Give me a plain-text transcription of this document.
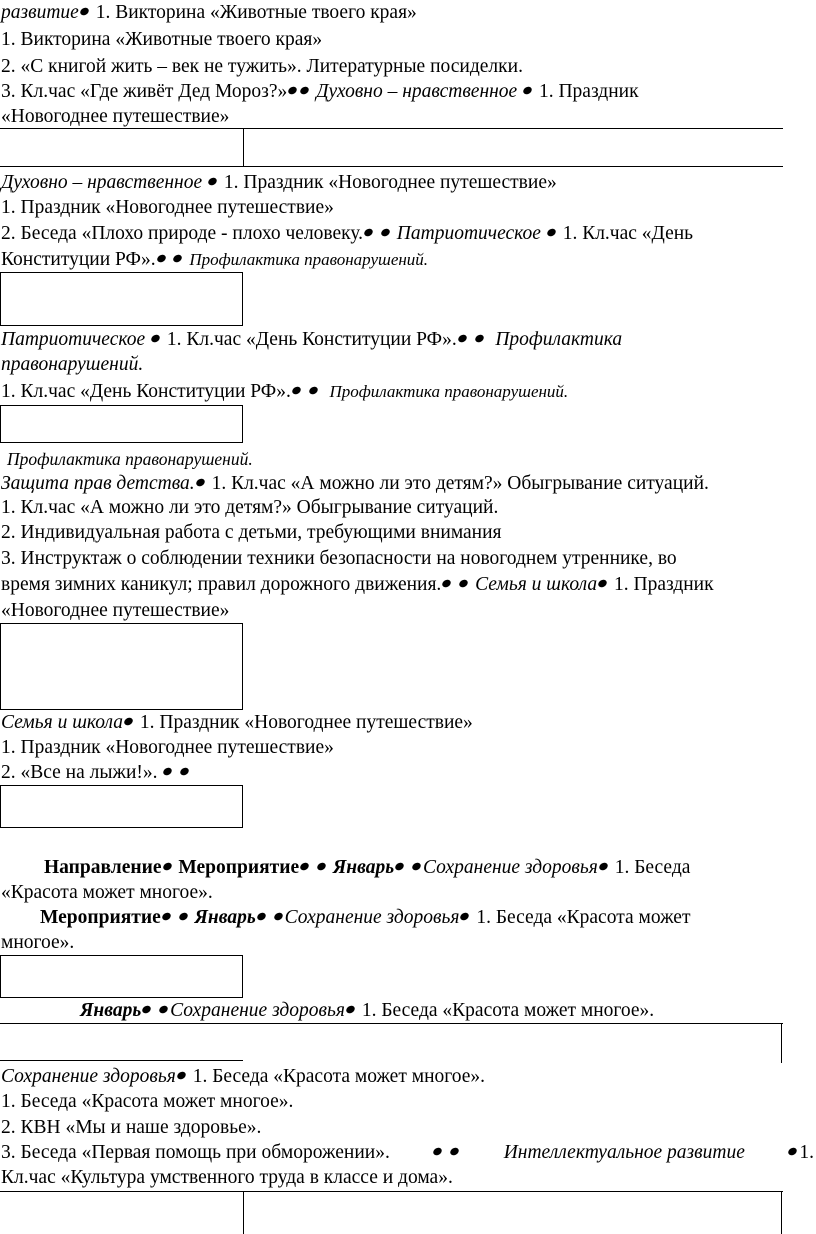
развитие 1. Викторина «Животные твоего края»
1. Викторина «Животные твоего края»
2. «С книгой жить – век не тужить». Литературные посиделки.
3. Кл.час «Где живёт Дед Мороз?» Духовно – нравственное 1. Праздник
«Новогоднее путешествие»
Духовно – нравственное 1. Праздник «Новогоднее путешествие»
1. Праздник «Новогоднее путешествие»
2. Беседа «Плохо природе - плохо человеку. Патриотическое 1. Кл.час «День
Конституции РФ». Профилактика правонарушений.
Патриотическое 1. Кл.час «День Конституции РФ». Профилактика
правонарушений.
1. Кл.час «День Конституции РФ». Профилактика правонарушений.
Профилактика правонарушений.
Защита прав детства. 1. Кл.час «А можно ли это детям?» Обыгрывание ситуаций.
1. Кл.час «А можно ли это детям?» Обыгрывание ситуаций.
2. Индивидуальная работа с детьми, требующими внимания
3. Инструктаж о соблюдении техники безопасности на новогоднем утреннике, во
время зимних каникул; правил дорожного движения. Семья и школа 1. Праздник
«Новогоднее путешествие»
Семья и школа 1. Праздник «Новогоднее путешествие»
1. Праздник «Новогоднее путешествие»
2. «Все на лыжи!».
Направление Мероприятие Январь Сохранение здоровья 1. Беседа
«Красота может многое».
Мероприятие Январь Сохранение здоровья 1. Беседа «Красота может
многое».
Январь Сохранение здоровья 1. Беседа «Красота может многое».
Сохранение здоровья 1. Беседа «Красота может многое».
1. Беседа «Красота может многое».
2. КВН «Мы и наше здоровье».
3. Беседа «Первая помощь при обморожении».
	Интеллектуальное развитие	1.
Кл.час «Культура умственного труда в классе и дома».
